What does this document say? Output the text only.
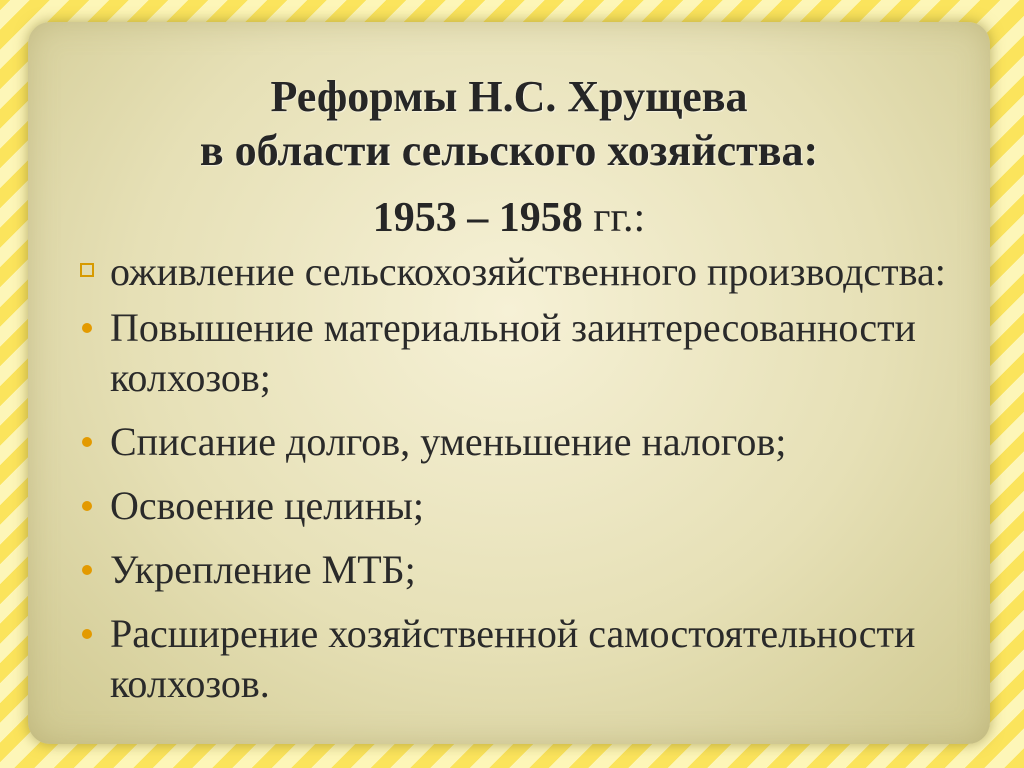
Реформы Н.С. Хрущева
в области сельского хозяйства:
1953 – 1958 гг.:
оживление сельскохозяйственного производства:
Повышение материальной заинтересованности колхозов;
Списание долгов, уменьшение налогов;
Освоение целины;
Укрепление МТБ;
Расширение хозяйственной самостоятельности колхозов.
